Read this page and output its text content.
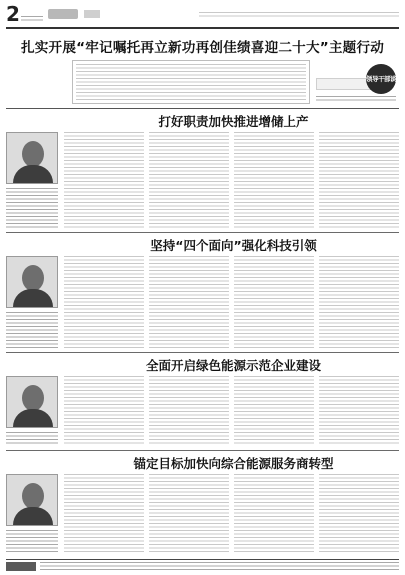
2
扎实开展“牢记嘱托再立新功再创佳绩喜迎二十大”主题行动
领导干部谈
打好职责加快推进增储上产
坚持“四个面向”强化科技引领
全面开启绿色能源示范企业建设
锚定目标加快向综合能源服务商转型
